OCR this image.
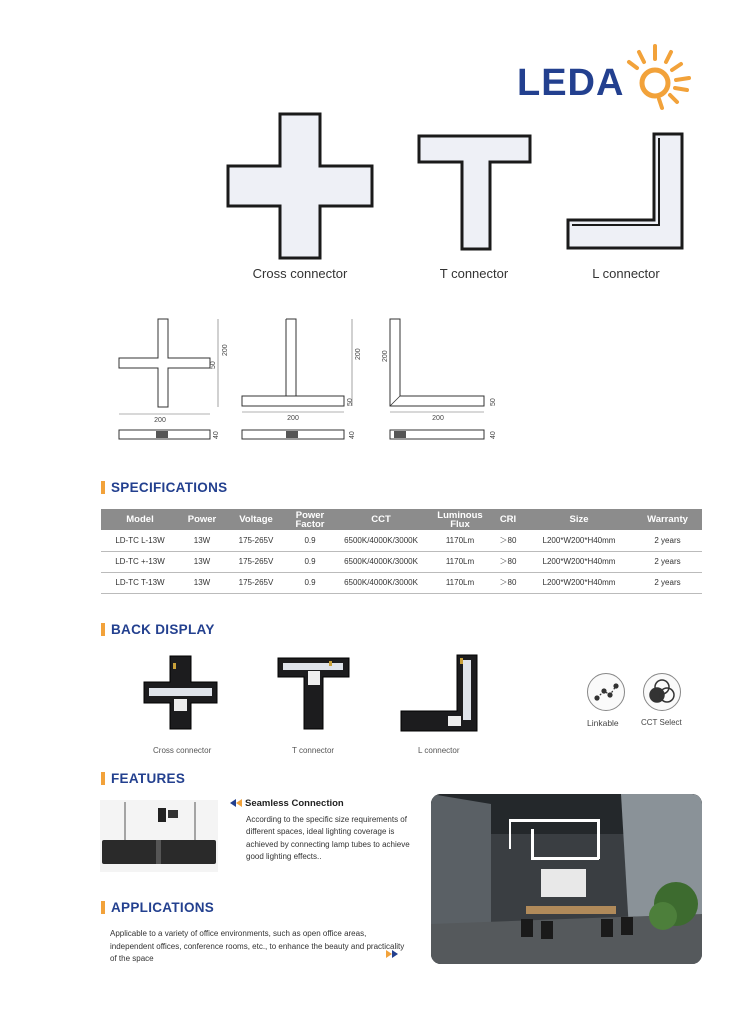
LEDA
Cross connector	T connector	L connector
200
200
50
40
200
200
50
40
200
200
50
40
SPECIFICATIONS
Model	Power	Voltage	Power Factor	CCT	Luminous Flux	CRI	Size	Warranty
LD-TC L-13W	13W	175-265V	0.9	6500K/4000K/3000K	1170Lm	＞80	L200*W200*H40mm	2 years
LD-TC +-13W	13W	175-265V	0.9	6500K/4000K/3000K	1170Lm	＞80	L200*W200*H40mm	2 years
LD-TC T-13W	13W	175-265V	0.9	6500K/4000K/3000K	1170Lm	＞80	L200*W200*H40mm	2 years
BACK DISPLAY
Cross connector	T connector	L connector
Linkable	CCT Select
FEATURES
Seamless Connection
According to the specific size requirements of different spaces, ideal lighting coverage is achieved by connecting lamp tubes to achieve good lighting effects..
APPLICATIONS
Applicable to a variety of office environments, such as open office areas, independent offices, conference rooms, etc., to enhance the beauty and practicality of the space
